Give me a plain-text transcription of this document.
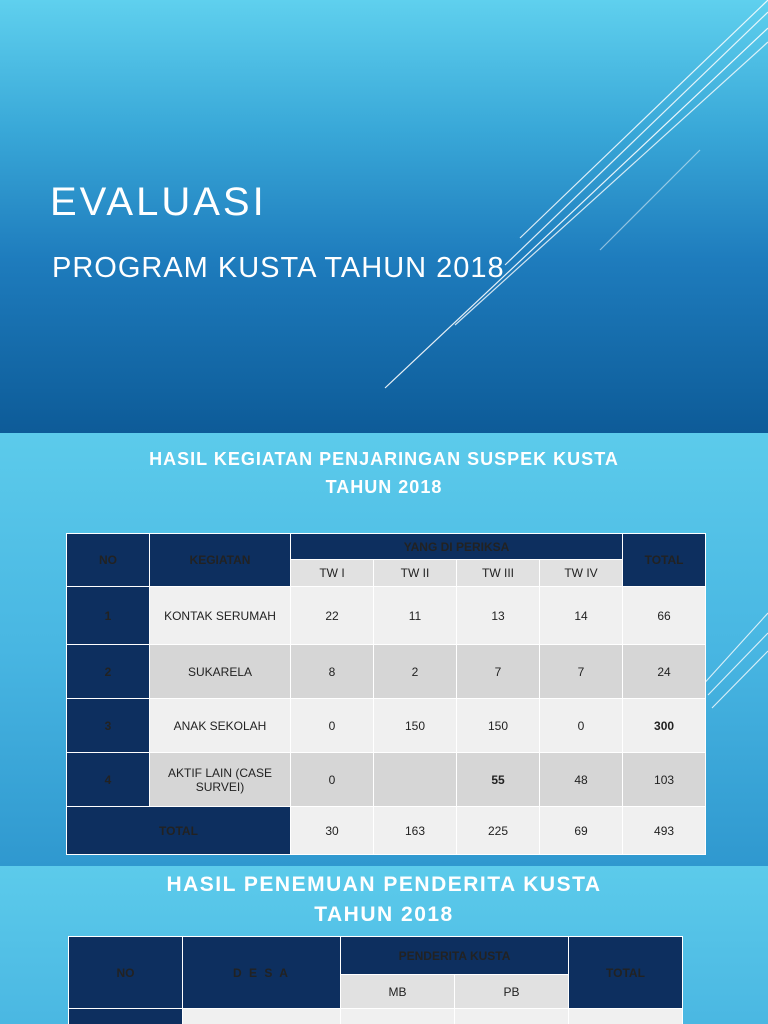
EVALUASI
PROGRAM KUSTA TAHUN 2018

HASIL KEGIATAN PENJARINGAN SUSPEK KUSTA
TAHUN 2018

NO	KEGIATAN	YANG DI PERIKSA				TOTAL
		TW I	TW II	TW III	TW IV	
1	KONTAK SERUMAH	22	11	13	14	66
2	SUKARELA	8	2	7	7	24
3	ANAK SEKOLAH	0	150	150	0	300
4	AKTIF LAIN (CASE SURVEI)	0		55	48	103
TOTAL		30	163	225	69	493

HASIL PENEMUAN PENDERITA KUSTA
TAHUN 2018

NO	D E S A	PENDERITA KUSTA		TOTAL
		MB	PB	
